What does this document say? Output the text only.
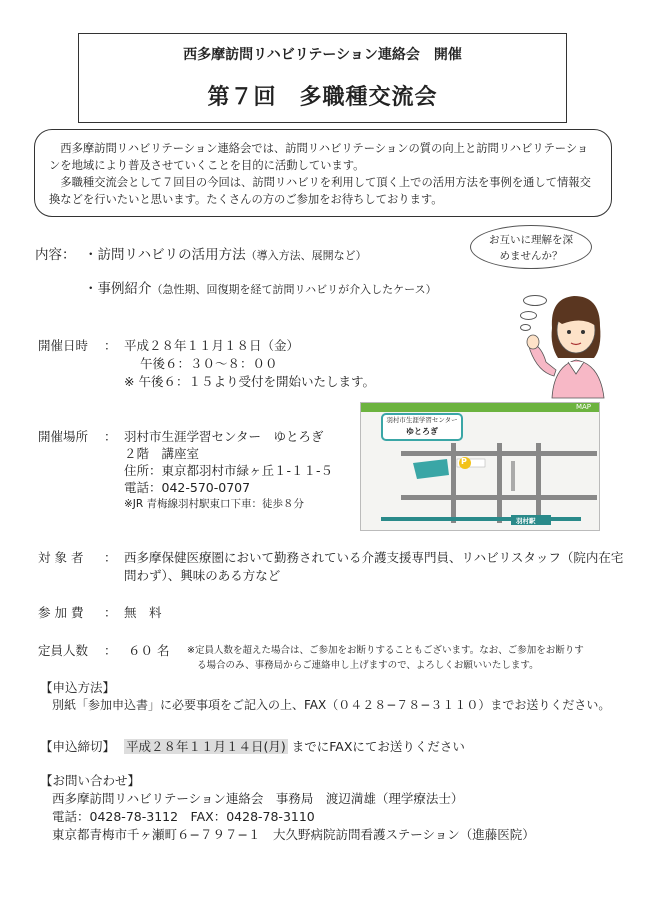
西多摩訪問リハビリテーション連絡会　開催
第７回　多職種交流会

西多摩訪問リハビリテーション連絡会では、訪問リハビリテーションの質の向上と訪問リハビリテーションを地域により普及させていくことを目的に活動しています。

多職種交流会として７回目の今回は、訪問リハビリを利用して頂く上での活用方法を事例を通して情報交換などを行いたいと思います。たくさんの方のご参加をお待ちしております。

内容： ・訪問リハビリの活用方法（導入方法、展開など）
・事例紹介（急性期、回復期を経て訪問リハビリが介入したケース）
お互いに理解を深
めませんか？
開催日時 ： 平成２８年１１月１８日（金）
午後６：３０〜８：００
※ 午後６：１５より受付を開始いたします。
開催場所 ： 羽村市生涯学習センター　ゆとろぎ
２階　講座室
住所：東京都羽村市緑ヶ丘１-１１-５
電話：042-570-0707
※JR 青梅線羽村駅東口下車：徒歩８分
MAP
P
羽村市生涯学習センター
ゆとろぎ
羽村駅
対 象 者 ： 西多摩保健医療圏において勤務されている介護支援専門員、リハビリスタッフ（院内在宅
問わず）、興味のある方など
参 加 費 ： 無　料
定員人数 ： ６０ 名 ※定員人数を超えた場合は、ご参加をお断りすることもございます。なお、ご参加をお断りす
る場合のみ、事務局からご連絡申し上げますので、よろしくお願いいたします。
【申込方法】
別紙「参加申込書」に必要事項をご記入の上、FAX（０４２８−７８−３１１０）までお送りください。
【申込締切】 平成２８年１１月１４日(月) までにFAXにてお送りください
【お問い合わせ】
西多摩訪問リハビリテーション連絡会　事務局　渡辺満雄（理学療法士）
電話：0428-78-3112　FAX：0428-78-3110
東京都青梅市千ヶ瀬町６−７９７−１　大久野病院訪問看護ステーション（進藤医院）
